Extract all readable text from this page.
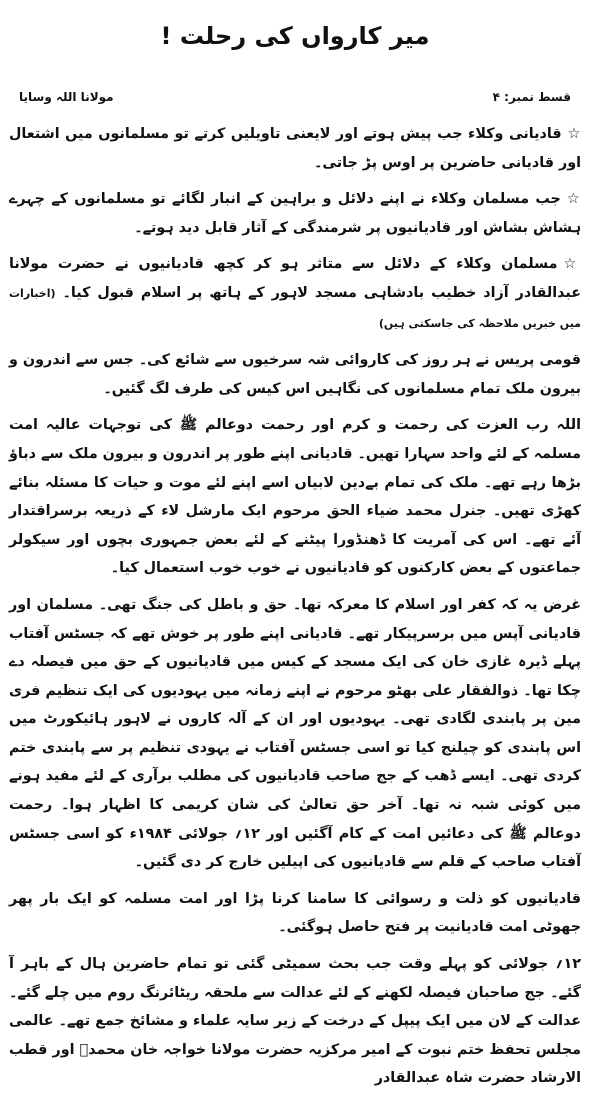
میر کارواں کی رحلت !
قسط نمبر: ۴
مولانا اللہ وسایا

☆قادیانی وکلاء جب پیش ہوتے اور لایعنی تاویلیں کرتے تو مسلمانوں میں اشتعال اور قادیانی حاضرین پر اوس پڑ جاتی۔

☆جب مسلمان وکلاء نے اپنے دلائل و براہین کے انبار لگائے تو مسلمانوں کے چہرے ہشاش بشاش اور قادیانیوں پر شرمندگی کے آثار قابل دید ہوتے۔

☆مسلمان وکلاء کے دلائل سے متاثر ہو کر کچھ قادیانیوں نے حضرت مولانا عبدالقادر آزاد خطیب بادشاہی مسجد لاہور کے ہاتھ پر اسلام قبول کیا۔ (اخبارات میں خبریں ملاحظہ کی جاسکتی ہیں)

قومی پریس نے ہر روز کی کاروائی شہ سرخیوں سے شائع کی۔ جس سے اندرون و بیرون ملک تمام مسلمانوں کی نگاہیں اس کیس کی طرف لگ گئیں۔

اللہ رب العزت کی رحمت و کرم اور رحمت دوعالم ﷺ کی توجہات عالیہ امت مسلمہ کے لئے واحد سہارا تھیں۔ قادیانی اپنے طور پر اندرون و بیرون ملک سے دباؤ بڑھا رہے تھے۔ ملک کی تمام بےدین لابیاں اسے اپنے لئے موت و حیات کا مسئلہ بنائے کھڑی تھیں۔ جنرل محمد ضیاء الحق مرحوم ایک مارشل لاء کے ذریعہ برسراقتدار آئے تھے۔ اس کی آمریت کا ڈھنڈورا پیٹنے کے لئے بعض جمہوری بچوں اور سیکولر جماعتوں کے بعض کارکنوں کو قادیانیوں نے خوب خوب استعمال کیا۔

غرض یہ کہ کفر اور اسلام کا معرکہ تھا۔ حق و باطل کی جنگ تھی۔ مسلمان اور قادیانی آپس میں برسرپیکار تھے۔ قادیانی اپنے طور پر خوش تھے کہ جسٹس آفتاب پہلے ڈیرہ غازی خان کی ایک مسجد کے کیس میں قادیانیوں کے حق میں فیصلہ دے چکا تھا۔ ذوالفقار علی بھٹو مرحوم نے اپنے زمانہ میں یہودیوں کی ایک تنظیم فری مین پر پابندی لگادی تھی۔ یہودیوں اور ان کے آلہ کاروں نے لاہور ہائیکورٹ میں اس پابندی کو چیلنج کیا تو اسی جسٹس آفتاب نے یہودی تنظیم پر سے پابندی ختم کردی تھی۔ ایسے ڈھب کے جج صاحب قادیانیوں کی مطلب برآری کے لئے مفید ہونے میں کوئی شبہ نہ تھا۔ آخر حق تعالیٰ کی شان کریمی کا اظہار ہوا۔ رحمت دوعالم ﷺ کی دعائیں امت کے کام آگئیں اور ۱۲؍ جولائی ۱۹۸۴ء کو اسی جسٹس آفتاب صاحب کے قلم سے قادیانیوں کی اپیلیں خارج کر دی گئیں۔

قادیانیوں کو ذلت و رسوائی کا سامنا کرنا پڑا اور امت مسلمہ کو ایک بار پھر جھوٹی امت قادیانیت پر فتح حاصل ہوگئی۔

۱۲؍ جولائی کو پہلے وقت جب بحث سمیٹی گئی تو تمام حاضرین ہال کے باہر آ گئے۔ جج صاحبان فیصلہ لکھنے کے لئے عدالت سے ملحقہ ریٹائرنگ روم میں چلے گئے۔ عدالت کے لان میں ایک پیپل کے درخت کے زیر سایہ علماء و مشائخ جمع تھے۔ عالمی مجلس تحفظ ختم نبوت کے امیر مرکزیہ حضرت مولانا خواجہ خان محمدؒ اور قطب الارشاد حضرت شاہ عبدالقادر
